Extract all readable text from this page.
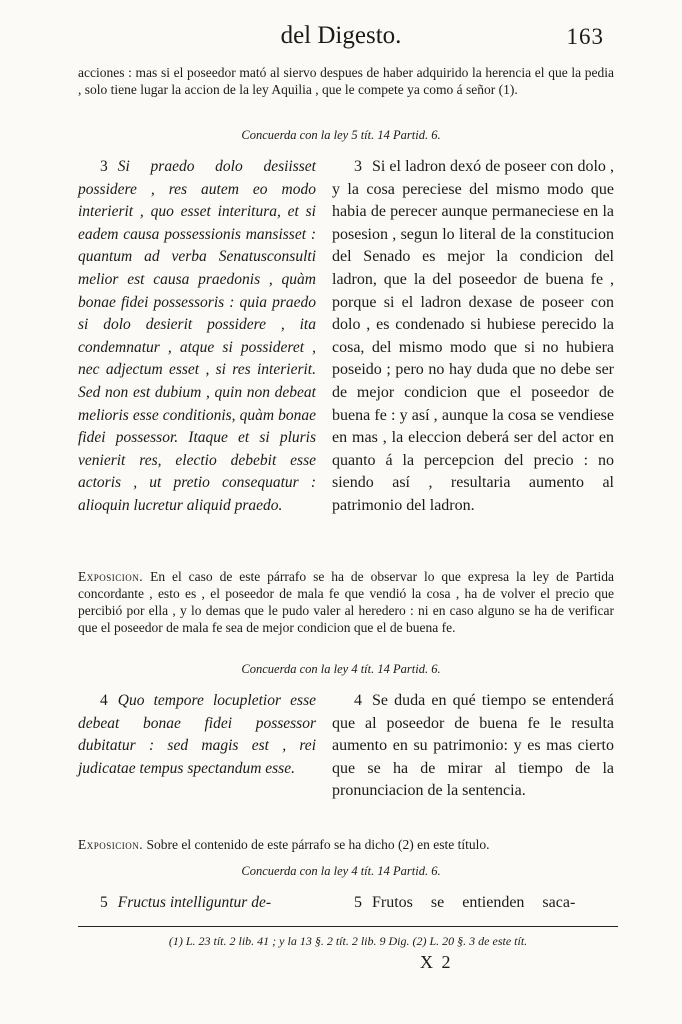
del Digesto.	163

acciones : mas si el poseedor mató al siervo despues de haber adquirido la herencia el que la pedia , solo tiene lugar la accion de la ley Aquilia , que le compete ya como á señor (1).

Concuerda con la ley 5 tít. 14 Partid. 6.
3 Si praedo dolo desiisset possidere , res autem eo modo interierit , quo esset interitura, et si eadem causa possessionis mansisset : quantum ad verba Senatusconsulti melior est causa praedonis , quàm bonae fidei possessoris : quia praedo si dolo desierit possidere , ita condemnatur , atque si possideret , nec adjectum esset , si res interierit. Sed non est dubium , quin non debeat melioris esse conditionis, quàm bonae fidei possessor. Itaque et si pluris venierit res, electio debebit esse actoris , ut pretio consequatur : alioquin lucretur aliquid praedo.
3 Si el ladron dexó de poseer con dolo , y la cosa pereciese del mismo modo que habia de perecer aunque permaneciese en la posesion , segun lo literal de la constitucion del Senado es mejor la condicion del ladron, que la del poseedor de buena fe , porque si el ladron dexase de poseer con dolo , es condenado si hubiese perecido la cosa, del mismo modo que si no hubiera poseido ; pero no hay duda que no debe ser de mejor condicion que el poseedor de buena fe : y así , aunque la cosa se vendiese en mas , la eleccion deberá ser del actor en quanto á la percepcion del precio : no siendo así , resultaria aumento al patrimonio del ladron.

Exposicion. En el caso de este párrafo se ha de observar lo que expresa la ley de Partida concordante , esto es , el poseedor de mala fe que vendió la cosa , ha de volver el precio que percibió por ella , y lo demas que le pudo valer al heredero : ni en caso alguno se ha de verificar que el poseedor de mala fe sea de mejor condicion que el de buena fe.

Concuerda con la ley 4 tít. 14 Partid. 6.
4 Quo tempore locupletior esse debeat bonae fidei possessor dubitatur : sed magis est , rei judicatae tempus spectandum esse.
4 Se duda en qué tiempo se entenderá que al poseedor de buena fe le resulta aumento en su patrimonio: y es mas cierto que se ha de mirar al tiempo de la pronunciacion de la sentencia.

Exposicion. Sobre el contenido de este párrafo se ha dicho (2) en este título.

Concuerda con la ley 4 tít. 14 Partid. 6.
5 Fructus intelliguntur de-	5 Frutos se entienden saca-
(1) L. 23 tít. 2 lib. 41 ; y la 13 §. 2 tít. 2 lib. 9 Dig. (2) L. 20 §. 3 de este tít.
X 2
